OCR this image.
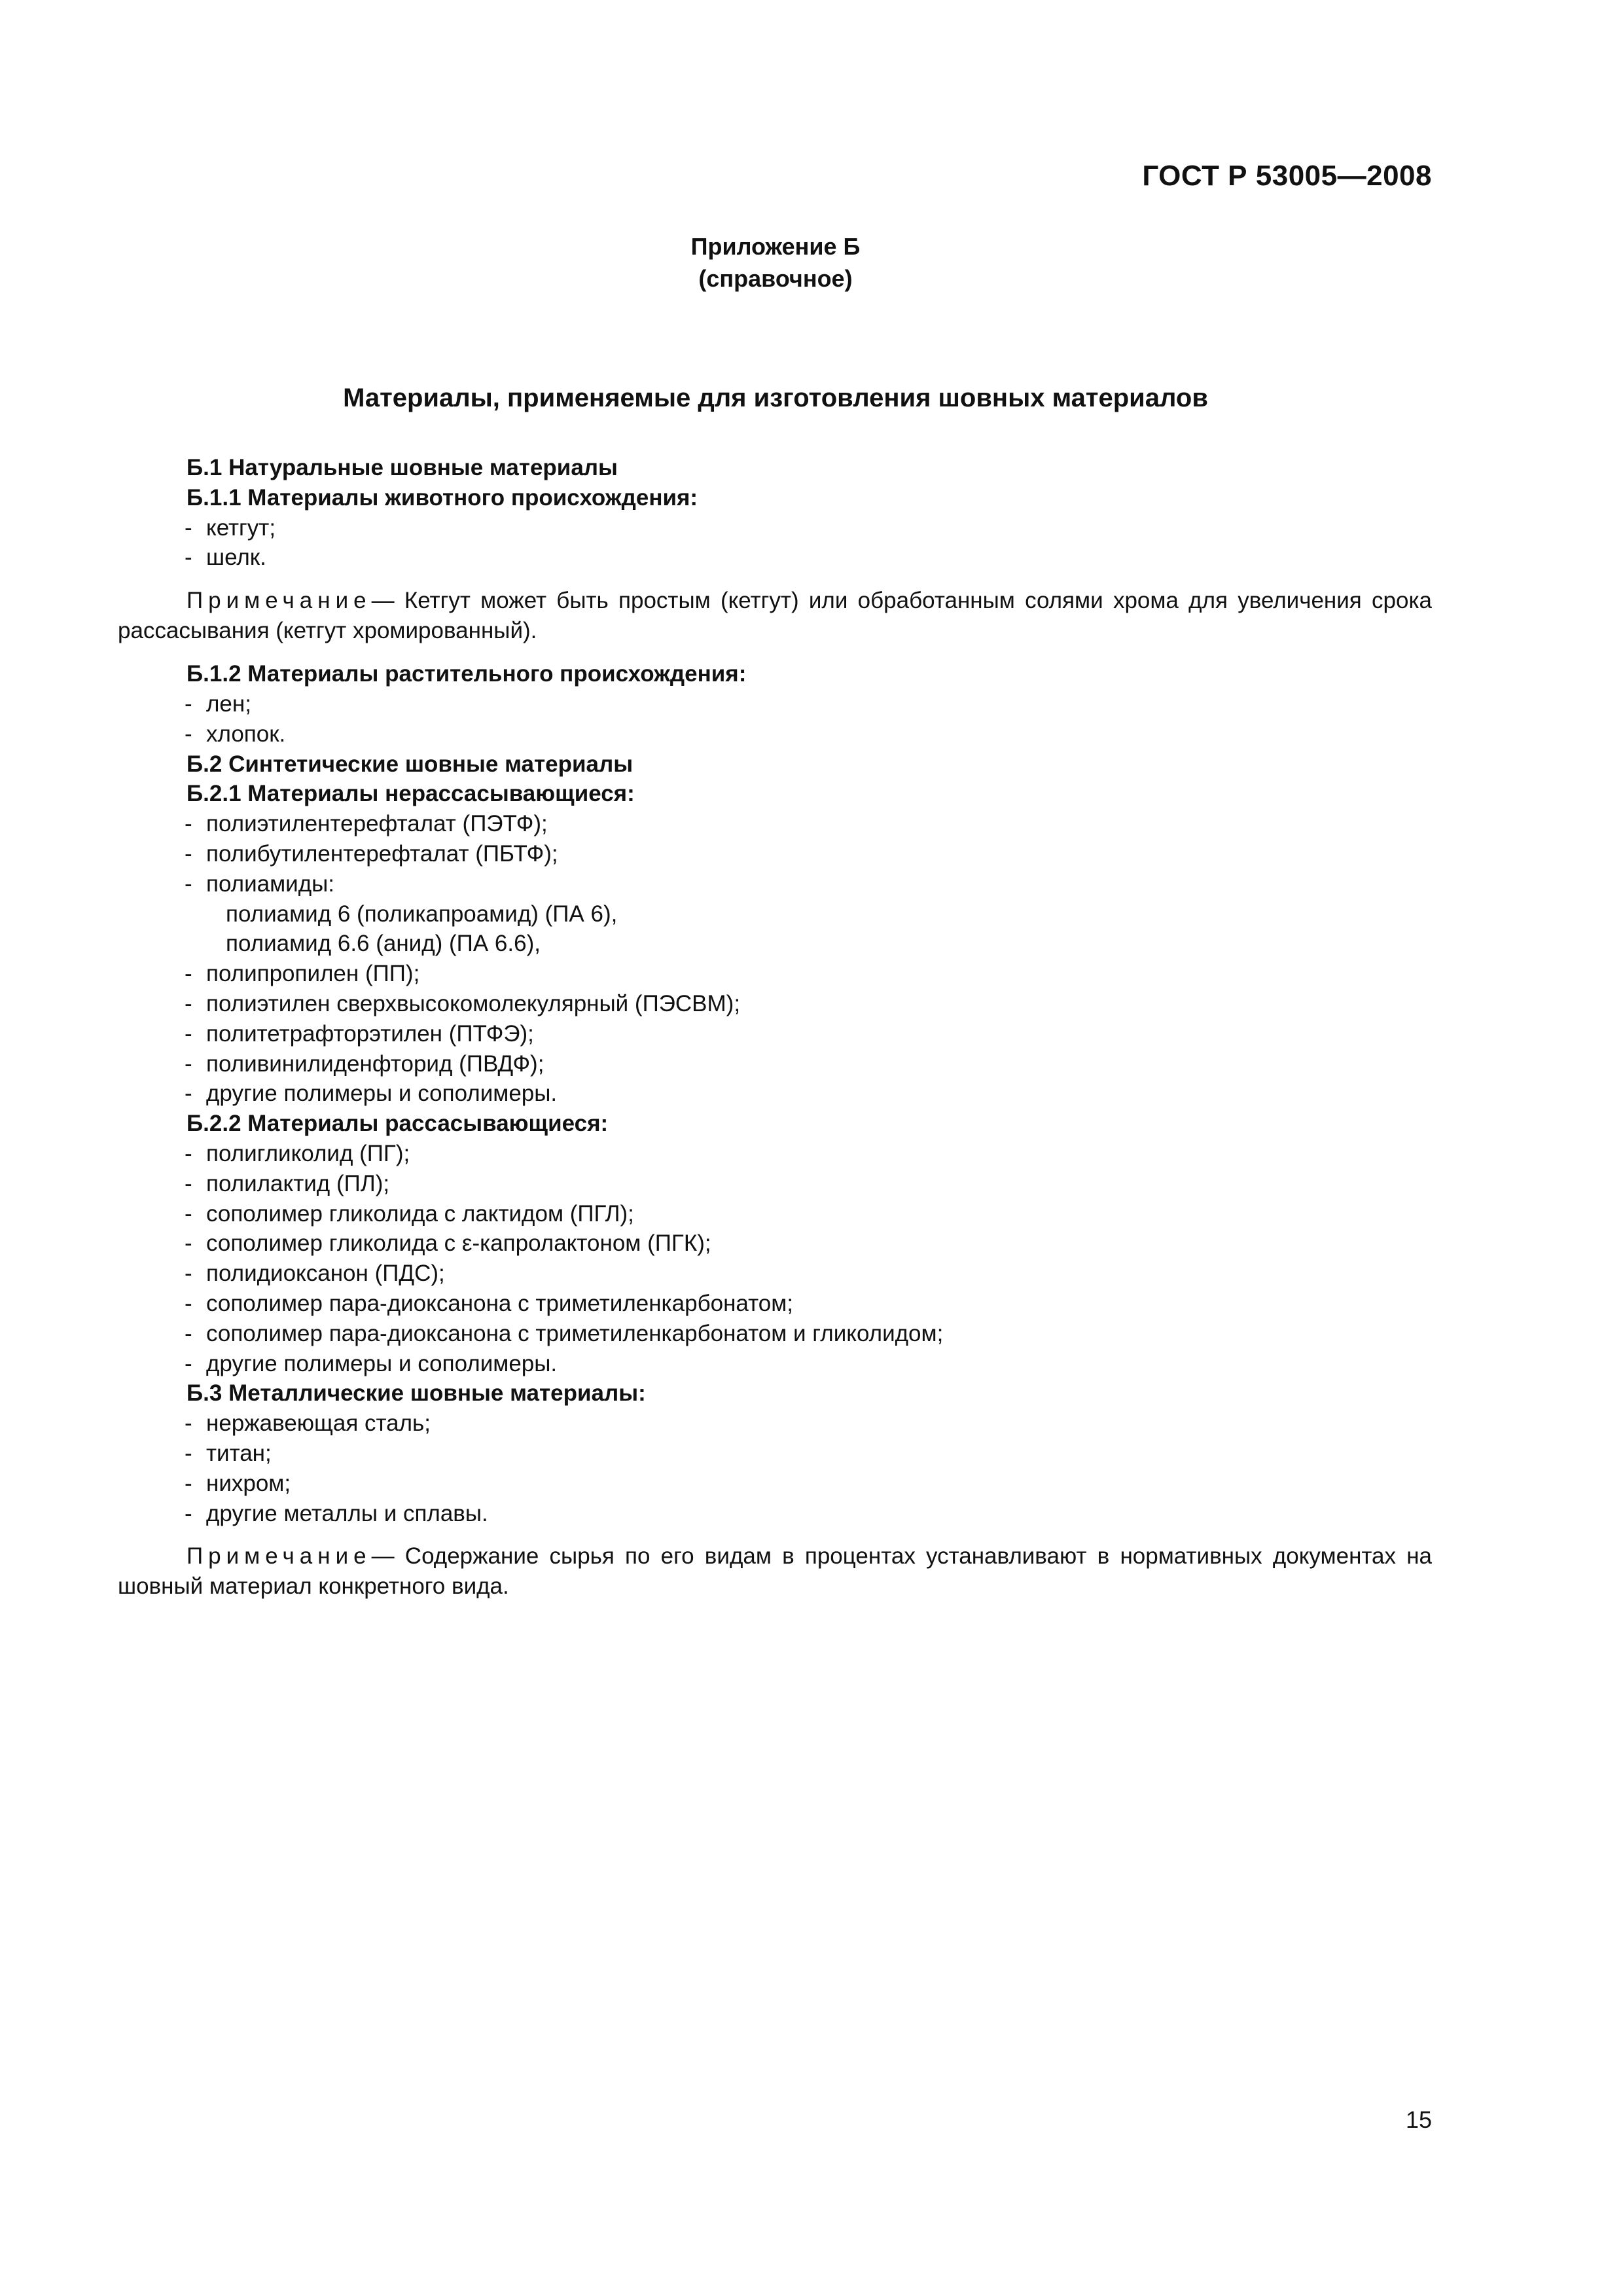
ГОСТ Р 53005—2008
Приложение Б
(справочное)
Материалы, применяемые для изготовления шовных материалов
Б.1 Натуральные шовные материалы
Б.1.1 Материалы животного происхождения:
- кетгут;
- шелк.
Примечание— Кетгут может быть простым (кетгут) или обработанным солями хрома для увеличения срока рассасывания (кетгут хромированный).
Б.1.2 Материалы растительного происхождения:
- лен;
- хлопок.
Б.2 Синтетические шовные материалы
Б.2.1 Материалы нерассасывающиеся:
- полиэтилентерефталат (ПЭТФ);
- полибутилентерефталат (ПБТФ);
- полиамиды:
полиамид 6 (поликапроамид) (ПА 6),
полиамид 6.6 (анид) (ПА 6.6),
- полипропилен (ПП);
- полиэтилен сверхвысокомолекулярный (ПЭСВМ);
- политетрафторэтилен (ПТФЭ);
- поливинилиденфторид (ПВДФ);
- другие полимеры и сополимеры.
Б.2.2 Материалы рассасывающиеся:
- полигликолид (ПГ);
- полилактид (ПЛ);
- сополимер гликолида с лактидом (ПГЛ);
- сополимер гликолида с ε-капролактоном (ПГК);
- полидиоксанон (ПДС);
- сополимер пара-диоксанона с триметиленкарбонатом;
- сополимер пара-диоксанона с триметиленкарбонатом и гликолидом;
- другие полимеры и сополимеры.
Б.3 Металлические шовные материалы:
- нержавеющая сталь;
- титан;
- нихром;
- другие металлы и сплавы.
Примечание— Содержание сырья по его видам в процентах устанавливают в нормативных документах на шовный материал конкретного вида.
15
